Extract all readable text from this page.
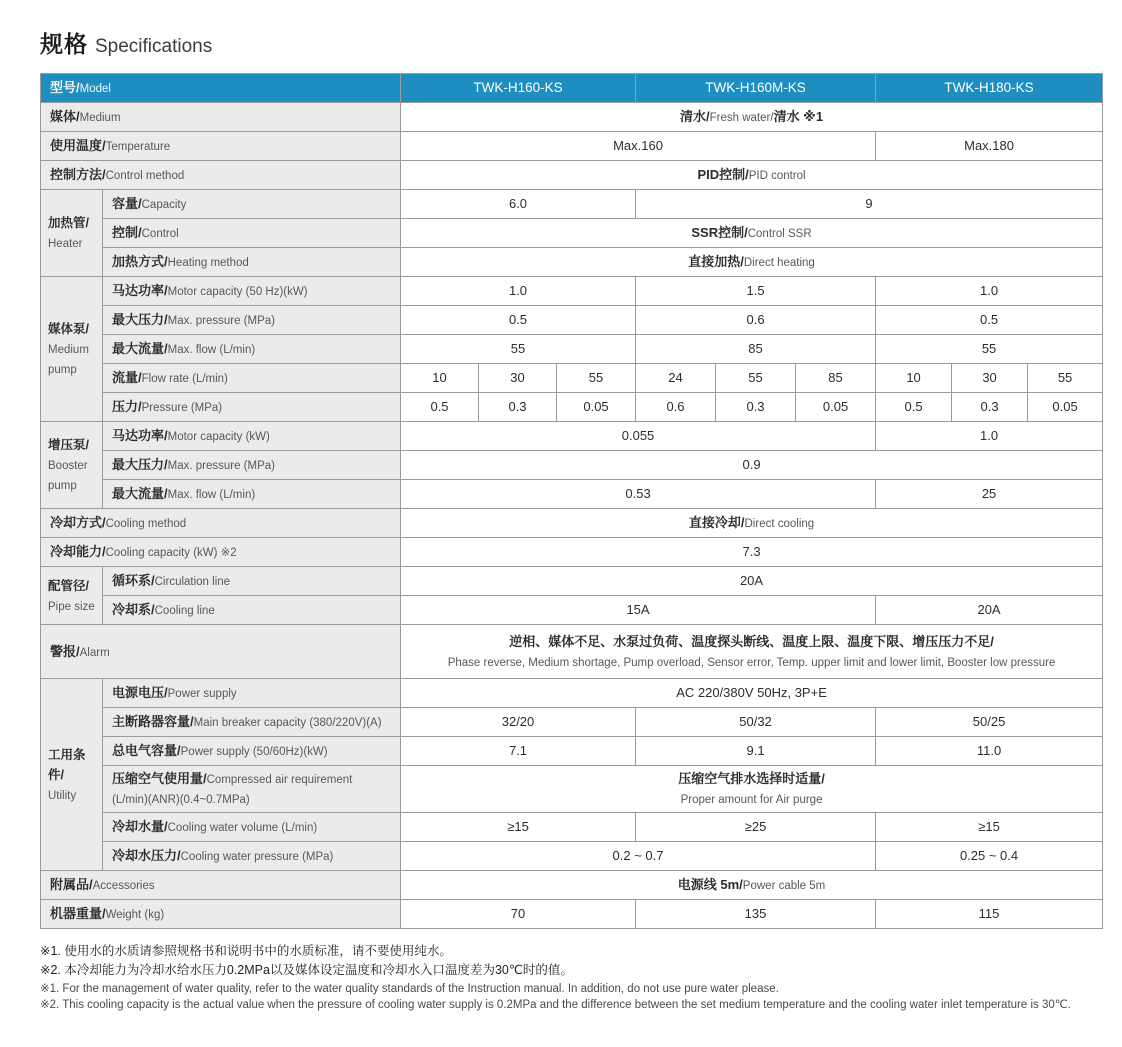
规格 Specifications
型号/Model		TWK-H160-KS			TWK-H160M-KS			TWK-H180-KS		
媒体/Medium		清水/Fresh water/清水 ※1								
使用温度/Temperature		Max.160						Max.180		
控制方法/Control method		PID控制/PID control								
加热管/
Heater	容量/Capacity	6.0			9					
	控制/Control	SSR控制/Control SSR								
	加热方式/Heating method	直接加热/Direct heating								
媒体泵/
Medium pump	马达功率/Motor capacity (50 Hz)(kW)	1.0			1.5			1.0		
	最大压力/Max. pressure (MPa)	0.5			0.6			0.5		
	最大流量/Max. flow (L/min)	55			85			55		
	流量/Flow rate (L/min)	10	30	55	24	55	85	10	30	55
	压力/Pressure (MPa)	0.5	0.3	0.05	0.6	0.3	0.05	0.5	0.3	0.05
增压泵/
Booster pump	马达功率/Motor capacity (kW)	0.055						1.0		
	最大压力/Max. pressure (MPa)	0.9								
	最大流量/Max. flow (L/min)	0.53						25		
冷却方式/Cooling method		直接冷却/Direct cooling								
冷却能力/Cooling capacity (kW) ※2		7.3								
配管径/
Pipe size	循环系/Circulation line	20A								
	冷却系/Cooling line	15A						20A		
警报/Alarm		逆相、媒体不足、水泵过负荷、温度探头断线、温度上限、温度下限、增压压力不足/
Phase reverse, Medium shortage, Pump overload, Sensor error, Temp. upper limit and lower limit, Booster low pressure								
工用条件/
Utility	电源电压/Power supply	AC 220/380V 50Hz, 3P+E								
	主断路器容量/Main breaker capacity (380/220V)(A)	32/20			50/32			50/25		
	总电气容量/Power supply (50/60Hz)(kW)	7.1			9.1			11.0		
	压缩空气使用量/Compressed air requirement
(L/min)(ANR)(0.4~0.7MPa)	压缩空气排水选择时适量/
Proper amount for Air purge								
	冷却水量/Cooling water volume (L/min)	≥15			≥25			≥15		
	冷却水压力/Cooling water pressure (MPa)	0.2 ~ 0.7						0.25 ~ 0.4		
附属品/Accessories		电源线 5m/Power cable 5m								
机器重量/Weight (kg)		70			135			115		
※1. 使用水的水质请参照规格书和说明书中的水质标准，请不要使用纯水。
※2. 本冷却能力为冷却水给水压力0.2MPa以及媒体设定温度和冷却水入口温度差为30℃时的值。
※1. For the management of water quality, refer to the water quality standards of the Instruction manual. In addition, do not use pure water please.
※2. This cooling capacity is the actual value when the pressure of cooling water supply is 0.2MPa and the difference between the set medium temperature and the cooling water inlet temperature is 30℃.
